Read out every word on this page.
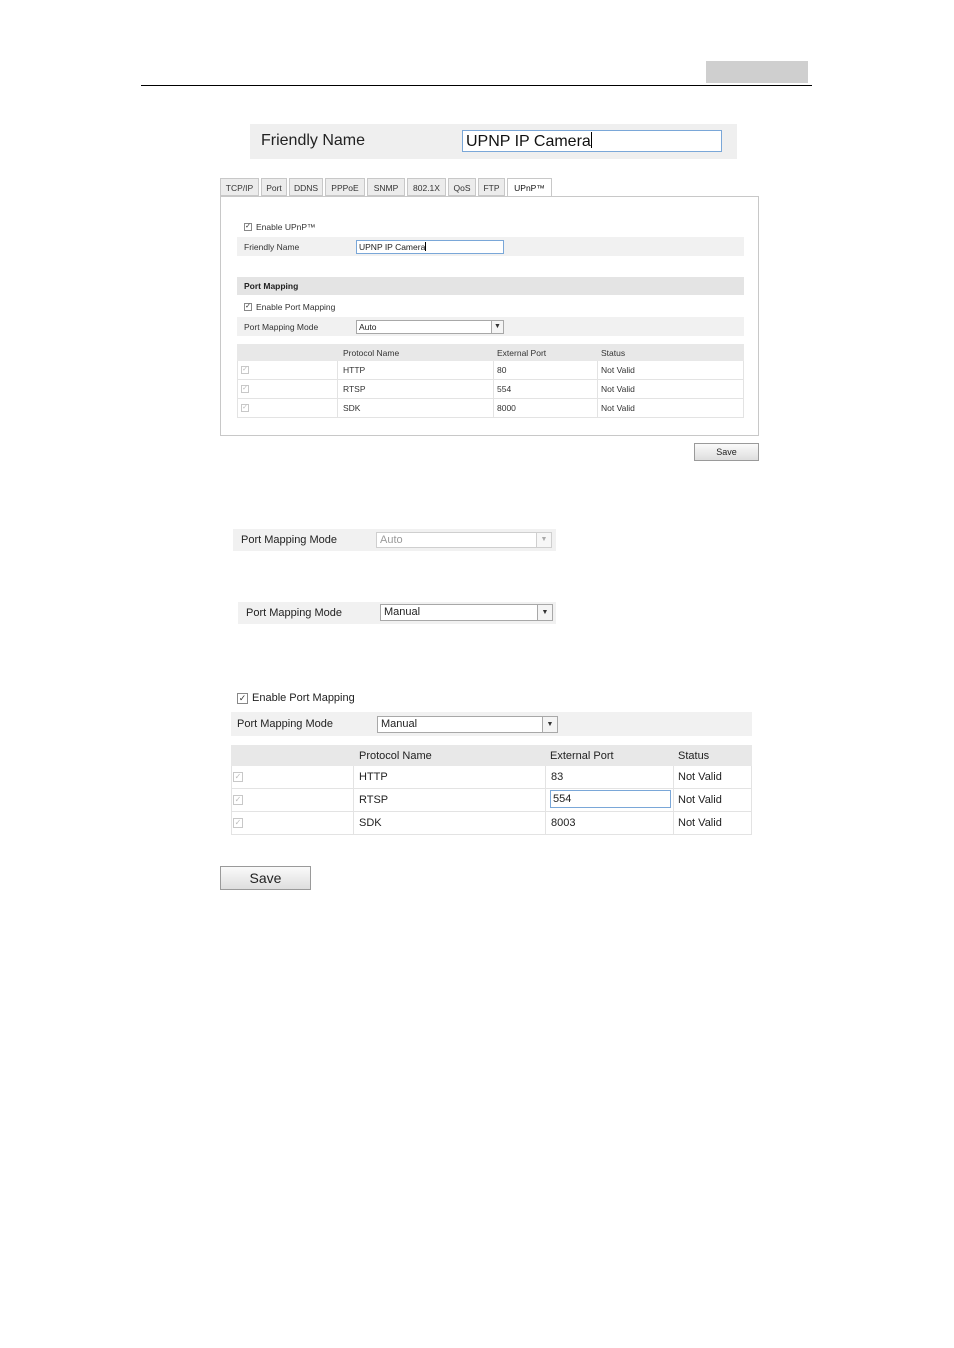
Friendly Name	UPNP IP Camera
TCP/IP	Port	DDNS	PPPoE	SNMP	802.1X	QoS	FTP	UPnP™
✓ Enable UPnP™
Friendly Name	UPNP IP Camera
Port Mapping
✓ Enable Port Mapping
Port Mapping Mode	Auto	▼
Protocol Name	External Port	Status
✓	HTTP	80	Not Valid
✓	RTSP	554	Not Valid
✓	SDK	8000	Not Valid
Save
Port Mapping Mode	Auto	▼
Port Mapping Mode	Manual	▼
✓ Enable Port Mapping
Port Mapping Mode	Manual	▼
Protocol Name	External Port	Status
✓	HTTP	83	Not Valid
✓	RTSP	554	Not Valid
✓	SDK	8003	Not Valid
Save
